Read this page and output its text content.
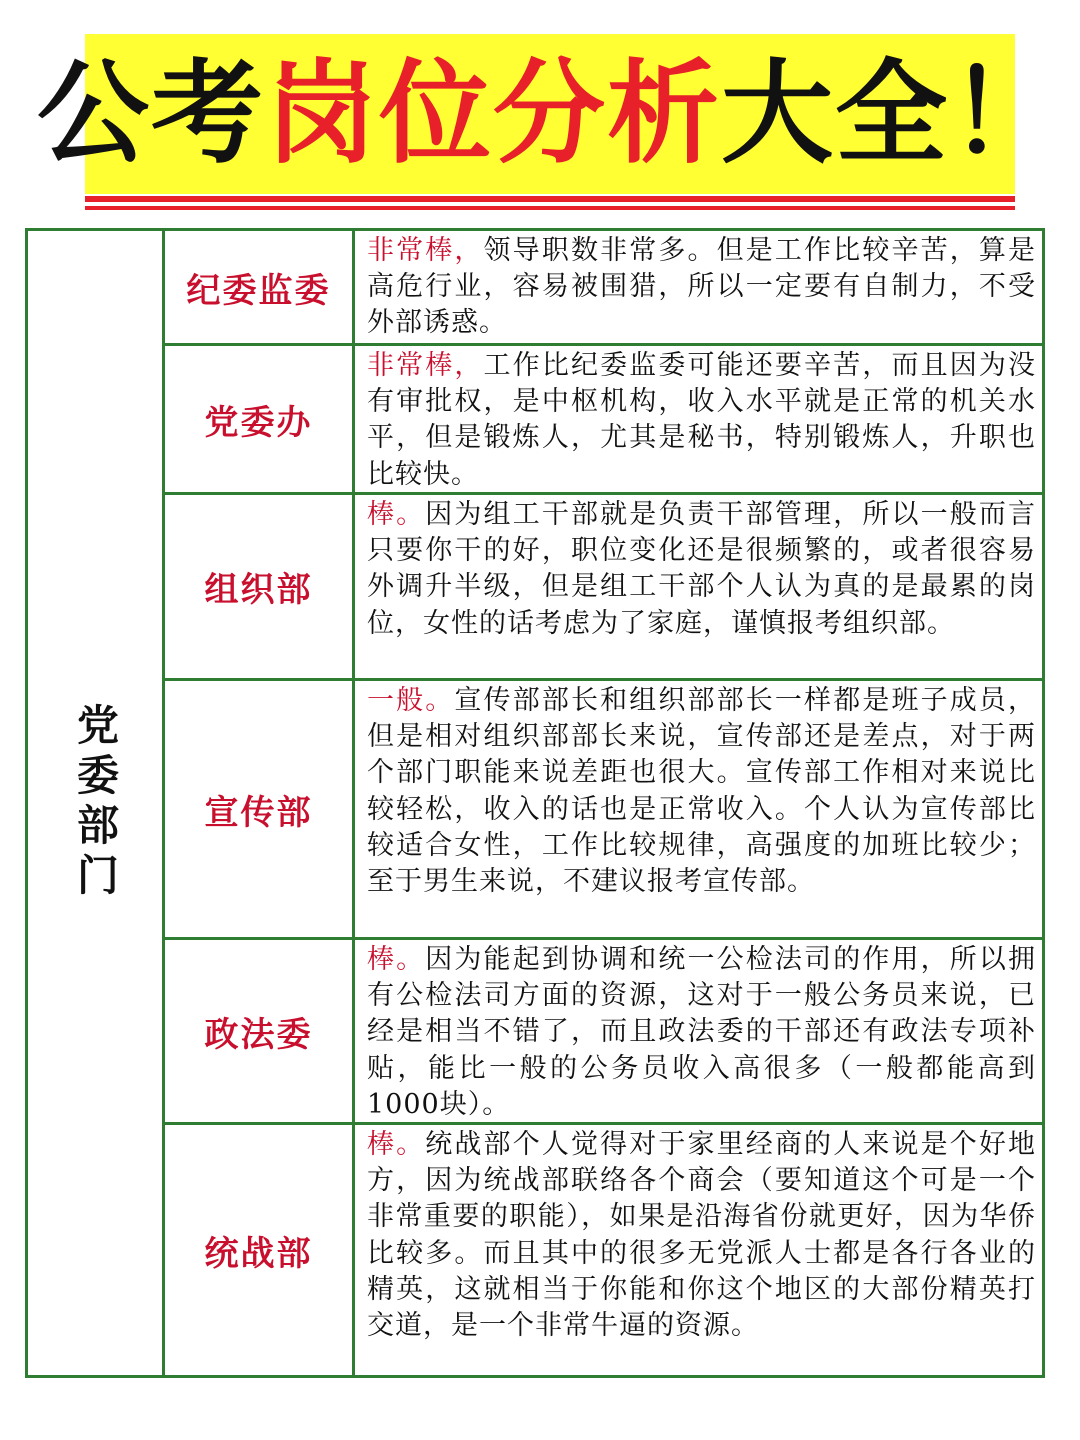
公考 岗位分析 大全！
党委部门
纪委监委
非常棒，领导职数非常多。但是工作比较辛苦，算是高危行业，容易被围猎，所以一定要有自制力，不受外部诱惑。
党委办
非常棒，工作比纪委监委可能还要辛苦，而且因为没有审批权，是中枢机构，收入水平就是正常的机关水平，但是锻炼人，尤其是秘书，特别锻炼人，升职也比较快。
组织部
棒。因为组工干部就是负责干部管理，所以一般而言只要你干的好，职位变化还是很频繁的，或者很容易外调升半级，但是组工干部个人认为真的是最累的岗位，女性的话考虑为了家庭，谨慎报考组织部。
宣传部
一般。宣传部部长和组织部部长一样都是班子成员，但是相对组织部部长来说，宣传部还是差点，对于两个部门职能来说差距也很大。宣传部工作相对来说比较轻松，收入的话也是正常收入。个人认为宣传部比较适合女性，工作比较规律，高强度的加班比较少；至于男生来说，不建议报考宣传部。
政法委
棒。因为能起到协调和统一公检法司的作用，所以拥有公检法司方面的资源，这对于一般公务员来说，已经是相当不错了，而且政法委的干部还有政法专项补贴，能比一般的公务员收入高很多（一般都能高到1000块）。
统战部
棒。统战部个人觉得对于家里经商的人来说是个好地方，因为统战部联络各个商会（要知道这个可是一个非常重要的职能），如果是沿海省份就更好，因为华侨比较多。而且其中的很多无党派人士都是各行各业的精英，这就相当于你能和你这个地区的大部份精英打交道，是一个非常牛逼的资源。
